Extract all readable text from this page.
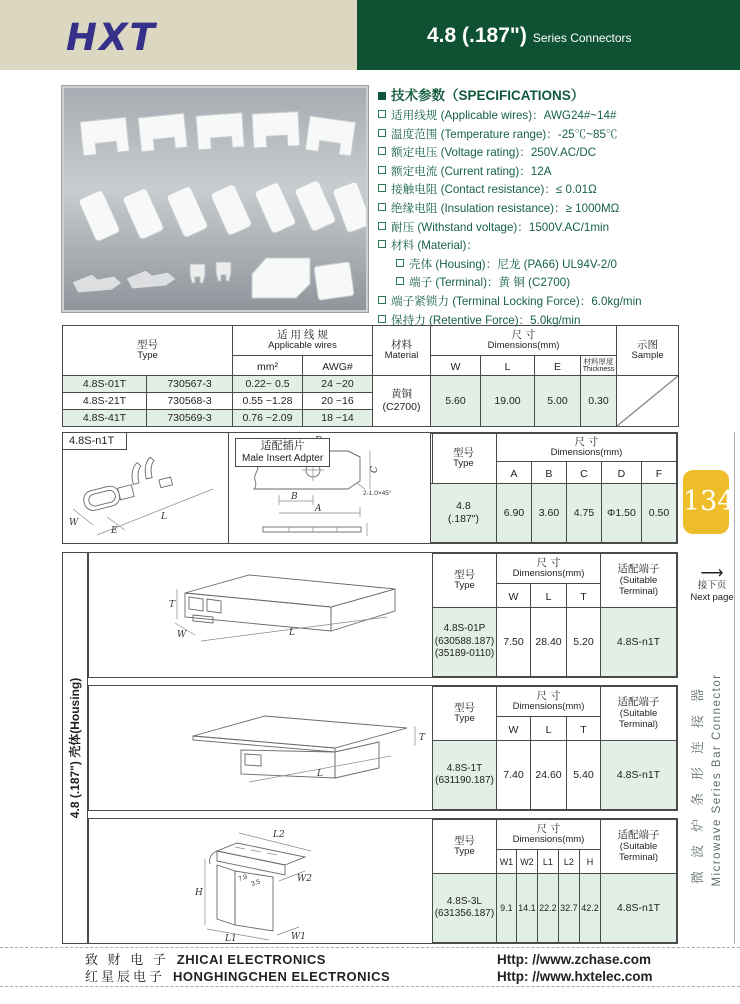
HXT	4.8 (.187") Series Connectors
技术参数（SPECIFICATIONS）
适用线规 (Applicable wires)：AWG24#~14#
温度范围 (Temperature range)：-25℃~85℃
额定电压 (Voltage rating)：250V.AC/DC
额定电流 (Current rating)：12A
接触电阻 (Contact resistance)：≤ 0.01Ω
绝缘电阻 (Insulation resistance)：≥ 1000MΩ
耐压 (Withstand voltage)：1500V.AC/1min
材料 (Material)：
壳体 (Housing)：尼龙 (PA66) UL94V-2/0
端子 (Terminal)：黄 铜 (C2700)
端子紧锁力 (Terminal Locking Force)：6.0kg/min
保持力 (Retentive Force)：5.0kg/min
型号
Type		适 用 线 规
Applicable wires		材料
Material	尺 寸
Dimensions(mm)				示图
Sample

		mm²	AWG#		W	L	E	材料厚度
Thickness	

4.8S-01T	730567-3	0.22~ 0.5	24 ~20	黄铜
(C2700)	5.60	19.00	5.00	0.30	

4.8S-21T	730568-3	0.55 ~1.28	20 ~16						
4.8S-41T	730569-3	0.76 ~2.09	18 ~14						
W
E
L
4.8S-n1T
C
B
A
2-1.0×45°
适配插片
Male Insert Adpter	型号
Type	尺 寸
Dimensions(mm)				

	A	B	C	D	F

4.8
(.187")	6.90	3.60	4.75	Φ1.50	0.50
4.8 (.187") 壳体(Housing)
T
W	L
型号
Type	尺 寸
Dimensions(mm)			适配端子
(Suitable Terminal)

	W	L	T	

4.8S-01P
(630588.187)
(35189-0110)	7.50	28.40	5.20	4.8S-n1T
T
L
型号
Type	尺 寸
Dimensions(mm)			适配端子
(Suitable Terminal)

	W	L	T	

4.8S-1T
(631190.187)	7.40	24.60	5.40	4.8S-n1T
L2
H
W2
W1
L1
7.9
3.5
型号
Type	尺 寸
Dimensions(mm)					适配端子
(Suitable Terminal)

	W1	W2	L1	L2	H	

4.8S-3L
(631356.187)	9.1	14.1	22.2	32.7	42.2	4.8S-n1T
134
⟶
接下页
Next page
微波炉条形连接器 Microwave Series Bar Connector
致 财 电 子 ZHICAI ELECTRONICS
红星辰电子 HONGHINGCHEN ELECTRONICS
Http: //www.zchase.com
Http: //www.hxtelec.com
